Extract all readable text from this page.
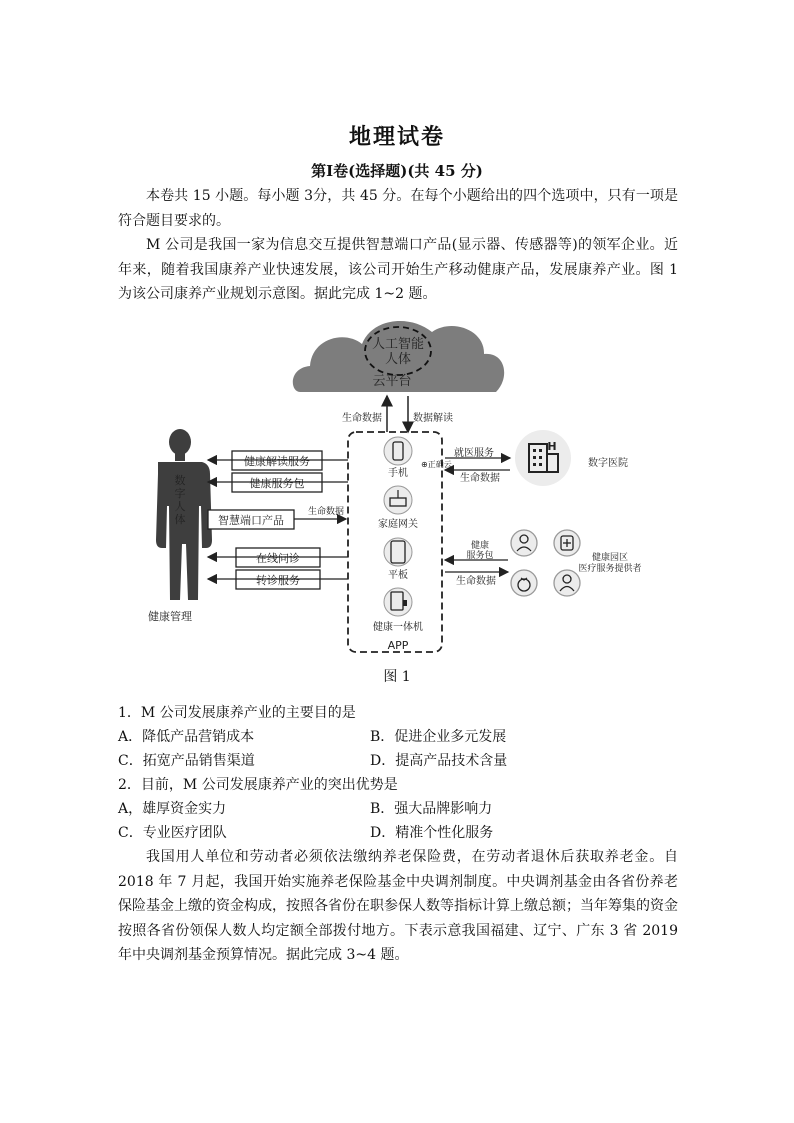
地理试卷
第Ⅰ卷(选择题)(共 45 分)

本卷共 15 小题。每小题 3分，共 45 分。在每个小题给出的四个选项中，只有一项是符合题目要求的。

M 公司是我国一家为信息交互提供智慧端口产品(显示器、传感器等)的领军企业。近年来，随着我国康养产业快速发展，该公司开始生产移动健康产品，发展康养产业。图 1 为该公司康养产业规划示意图。据此完成 1~2 题。

人工智能
人体
云平台
生命数据	数据解读
数
字
人
体
健康管理
健康解读服务
健康服务包
智慧端口产品
生命数据
在线问诊
转诊服务
手机
家庭网关
平板
健康一体机
APP
就医服务
生命数据
⊕正确云
H
数字医院
健康
服务包
生命数据
健康园区
医疗服务提供者
图 1
1．M 公司发展康养产业的主要目的是
A．降低产品营销成本	B．促进企业多元发展
C．拓宽产品销售渠道	D．提高产品技术含量
2．目前，M 公司发展康养产业的突出优势是
A，雄厚资金实力	B．强大品牌影响力
C．专业医疗团队	D．精准个性化服务

我国用人单位和劳动者必须依法缴纳养老保险费，在劳动者退休后获取养老金。自 2018 年 7 月起，我国开始实施养老保险基金中央调剂制度。中央调剂基金由各省份养老保险基金上缴的资金构成，按照各省份在职参保人数等指标计算上缴总额；当年筹集的资金按照各省份领保人数人均定额全部拨付地方。下表示意我国福建、辽宁、广东 3 省 2019 年中央调剂基金预算情况。据此完成 3~4 题。
